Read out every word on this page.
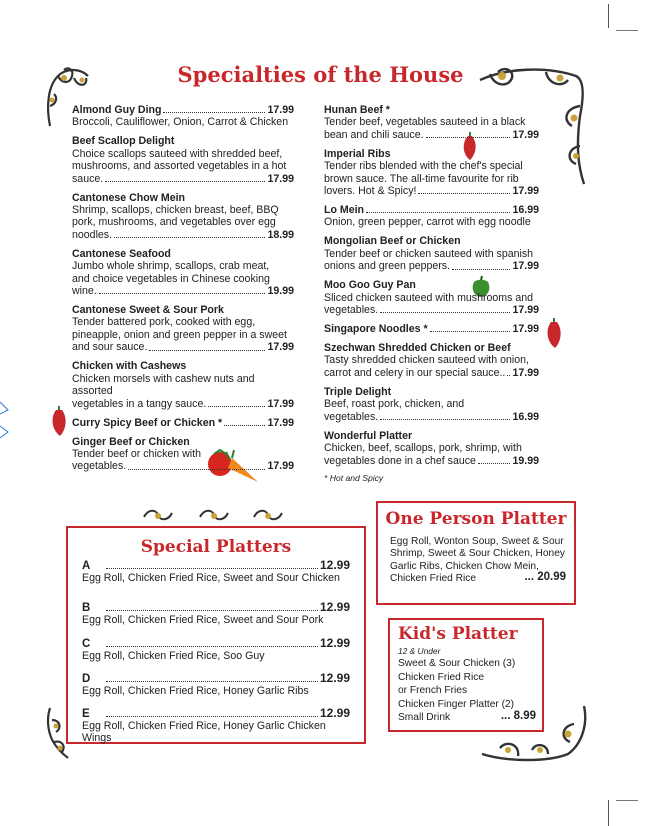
Specialties of the House
Almond Guy Ding	17.99
Broccoli, Cauliflower, Onion, Carrot & Chicken
Beef Scallop Delight
Choice scallops sauteed with shredded beef,
mushrooms, and assorted vegetables in a hot
sauce.	17.99
Cantonese Chow Mein
Shrimp, scallops, chicken breast, beef, BBQ
pork, mushrooms, and vegetables over egg
noodles.	18.99
Cantonese Seafood
Jumbo whole shrimp, scallops, crab meat,
and choice vegetables in Chinese cooking
wine.	19.99
Cantonese Sweet & Sour Pork
Tender battered pork, cooked with egg,
pineapple, onion and green pepper in a sweet
and sour sauce.	17.99
Chicken with Cashews
Chicken morsels with cashew nuts and assorted
vegetables in a tangy sauce.	17.99
Curry Spicy Beef or Chicken *	17.99
Ginger Beef or Chicken
Tender beef or chicken with
vegetables.	17.99
Hunan Beef *
Tender beef, vegetables sauteed in a black
bean and chili sauce.	17.99
Imperial Ribs
Tender ribs blended with the chef's special
brown sauce. The all-time favourite for rib
lovers. Hot & Spicy!	17.99
Lo Mein	16.99
Onion, green pepper, carrot with egg noodle
Mongolian Beef or Chicken
Tender beef or chicken sauteed with spanish
onions and green peppers.	17.99
Moo Goo Guy Pan
Sliced chicken sauteed with mushrooms and
vegetables.	17.99
Singapore Noodles *	17.99
Szechwan Shredded Chicken or Beef
Tasty shredded chicken sauteed with onion,
carrot and celery in our special sauce.. 17.99
Triple Delight
Beef, roast pork, chicken, and
vegetables.	16.99
Wonderful Platter
Chicken, beef, scallops, pork, shrimp, with
vegetables done in a chef sauce	19.99
* Hot and Spicy
Special Platters
A	12.99
Egg Roll, Chicken Fried Rice, Sweet and Sour Chicken
B	12.99
Egg Roll, Chicken Fried Rice, Sweet and Sour Pork
C	12.99
Egg Roll, Chicken Fried Rice, Soo Guy
D	12.99
Egg Roll, Chicken Fried Rice, Honey Garlic Ribs
E	12.99
Egg Roll, Chicken Fried Rice, Honey Garlic Chicken Wings
One Person Platter
Egg Roll, Wonton Soup, Sweet & Sour
Shrimp, Sweet & Sour Chicken, Honey
Garlic Ribs, Chicken Chow Mein,
Chicken Fried Rice	... 20.99
Kid's Platter
12 & Under
Sweet & Sour Chicken (3)
Chicken Fried Rice
or French Fries
Chicken Finger Platter (2)
Small Drink	... 8.99
